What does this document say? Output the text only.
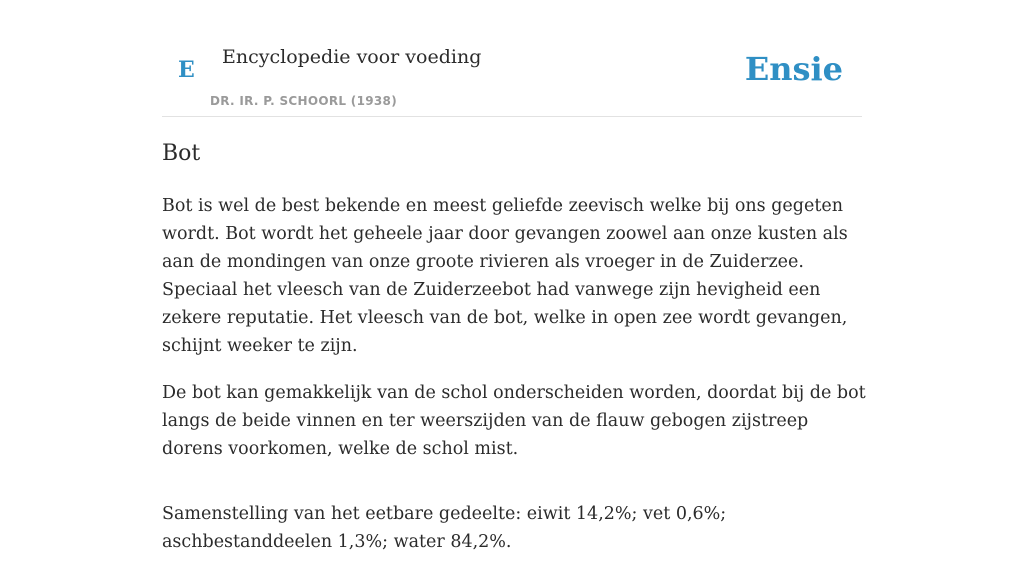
E Encyclopedie voor voeding
DR. IR. P. SCHOORL (1938)
Ensie
Bot

Bot is wel de best bekende en meest geliefde zeevisch welke bij ons gegeten wordt. Bot wordt het geheele jaar door gevangen zoowel aan onze kusten als aan de mondingen van onze groote rivieren als vroeger in de Zuiderzee. Speciaal het vleesch van de Zuiderzeebot had vanwege zijn hevigheid een zekere reputatie. Het vleesch van de bot, welke in open zee wordt gevangen, schijnt weeker te zijn.

De bot kan gemakkelijk van de schol onderscheiden worden, doordat bij de bot langs de beide vinnen en ter weerszijden van de flauw gebogen zijstreep dorens voorkomen, welke de schol mist.

Samenstelling van het eetbare gedeelte: eiwit 14,2%; vet 0,6%; aschbestanddeelen 1,3%; water 84,2%.
